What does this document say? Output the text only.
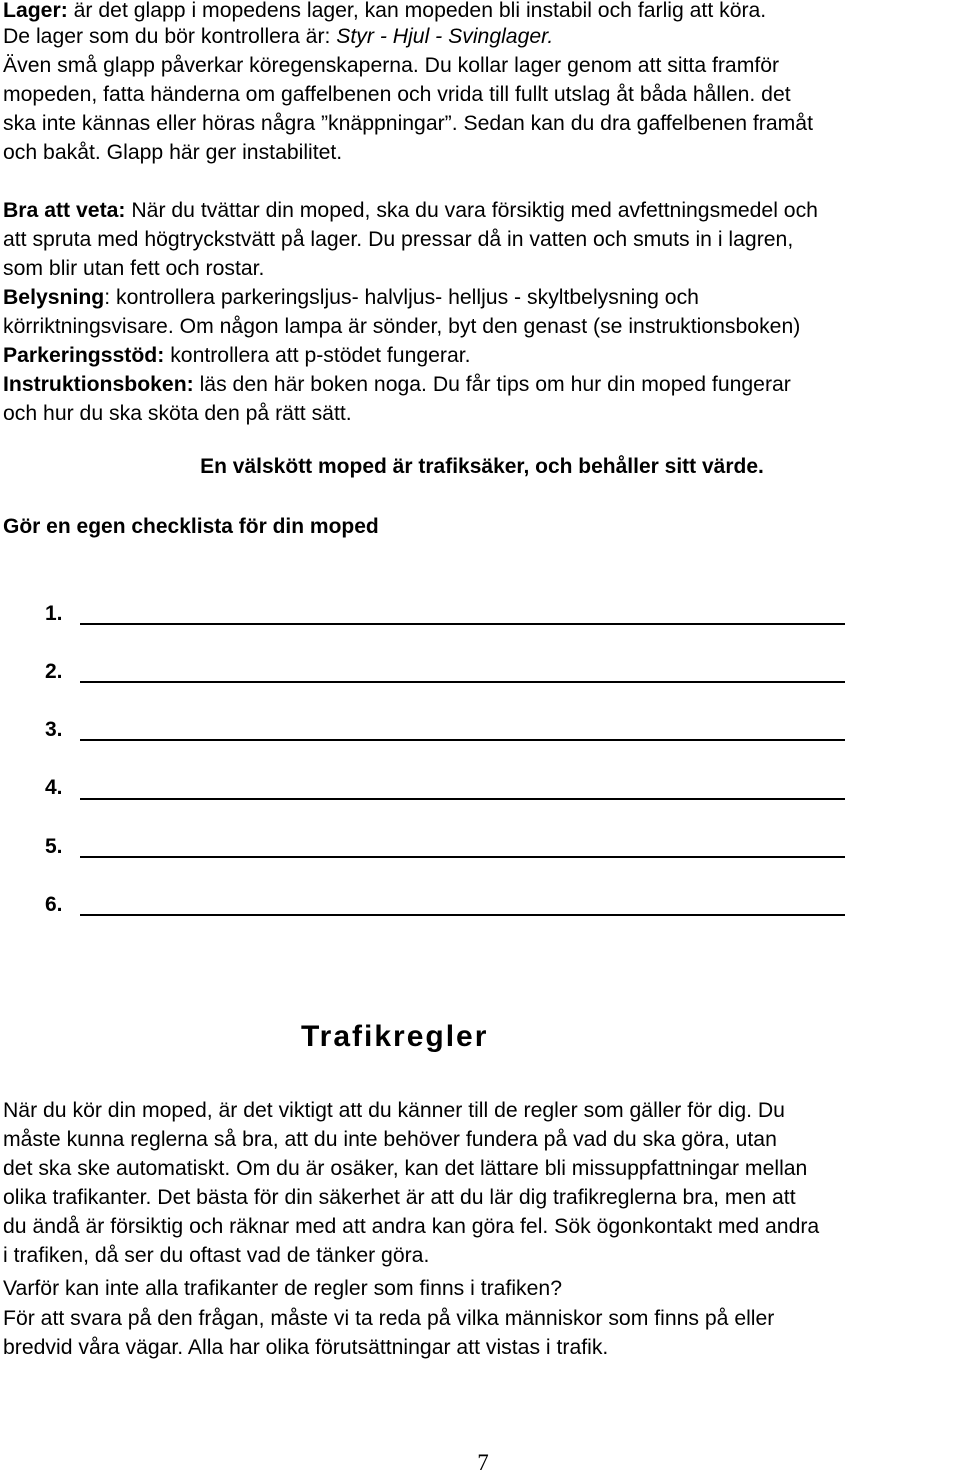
Lager: är det glapp i mopedens lager, kan mopeden bli instabil och farlig att köra.
De lager som du bör kontrollera är: Styr - Hjul - Svinglager.
Även små glapp påverkar köregenskaperna. Du kollar lager genom att sitta framför
mopeden, fatta händerna om gaffelbenen och vrida till fullt utslag åt båda hållen. det
ska inte kännas eller höras några ”knäppningar”. Sedan kan du dra gaffelbenen framåt
och bakåt. Glapp här ger instabilitet.
Bra att veta: När du tvättar din moped, ska du vara försiktig med avfettningsmedel och
att spruta med högtryckstvätt på lager. Du pressar då in vatten och smuts in i lagren,
som blir utan fett och rostar.
Belysning: kontrollera parkeringsljus- halvljus- helljus - skyltbelysning och
körriktningsvisare. Om någon lampa är sönder, byt den genast (se instruktionsboken)
Parkeringsstöd: kontrollera att p-stödet fungerar.
Instruktionsboken: läs den här boken noga. Du får tips om hur din moped fungerar
och hur du ska sköta den på rätt sätt.
En välskött moped är trafiksäker, och behåller sitt värde.
Gör en egen checklista för din moped
1.
2.
3.
4.
5.
6.
Trafikregler
När du kör din moped, är det viktigt att du känner till de regler som gäller för dig. Du
måste kunna reglerna så bra, att du inte behöver fundera på vad du ska göra, utan
det ska ske automatiskt. Om du är osäker, kan det lättare bli missuppfattningar mellan
olika trafikanter. Det bästa för din säkerhet är att du lär dig trafikreglerna bra, men att
du ändå är försiktig och räknar med att andra kan göra fel. Sök ögonkontakt med andra
i trafiken, då ser du oftast vad de tänker göra.
Varför kan inte alla trafikanter de regler som finns i trafiken?
För att svara på den frågan, måste vi ta reda på vilka människor som finns på eller
bredvid våra vägar. Alla har olika förutsättningar att vistas i trafik.
7
